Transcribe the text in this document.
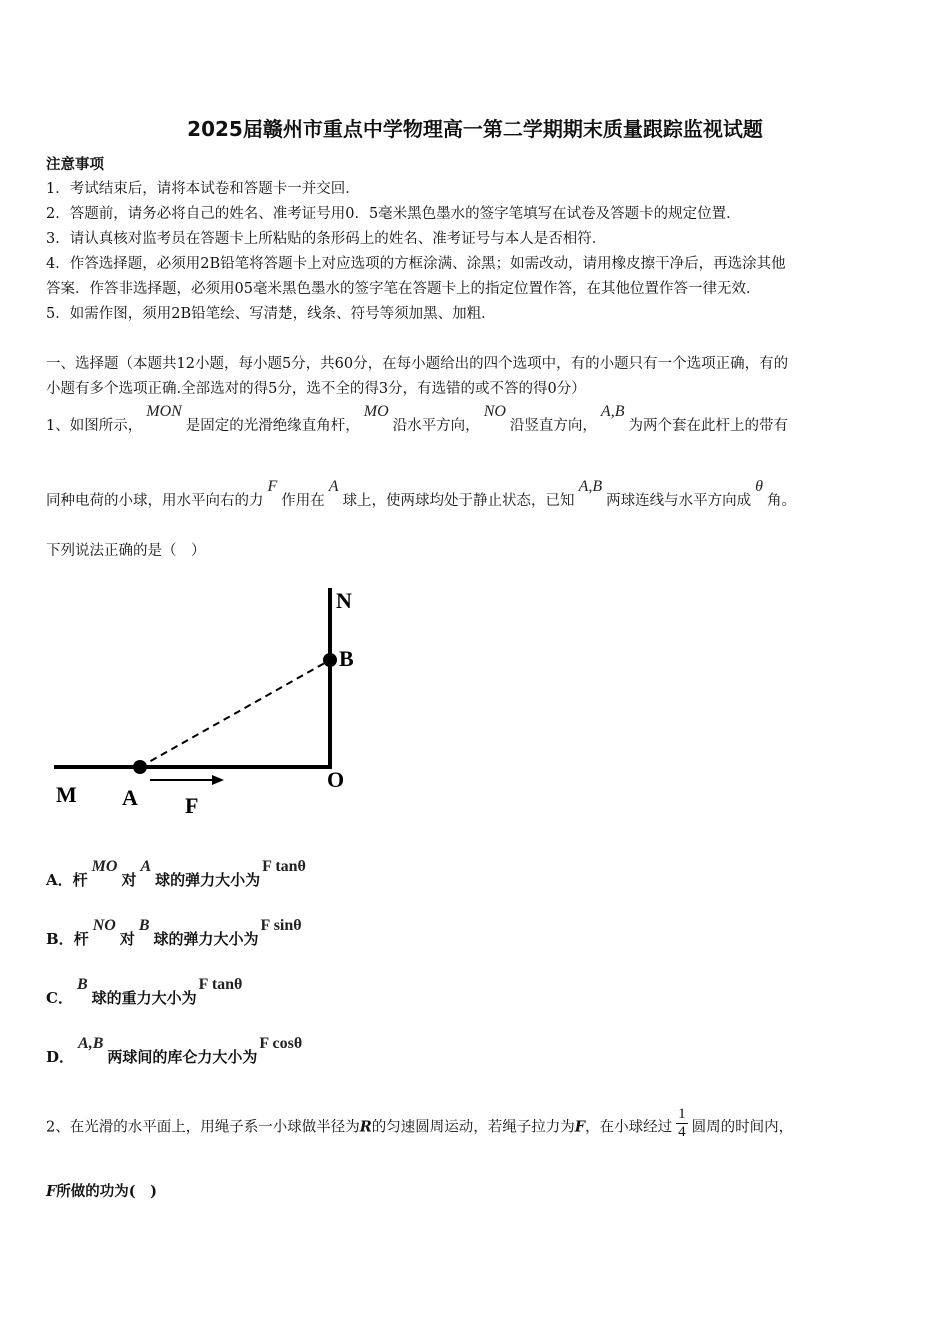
2025届赣州市重点中学物理高一第二学期期末质量跟踪监视试题
注意事项
1．考试结束后，请将本试卷和答题卡一并交回．
2．答题前，请务必将自己的姓名、准考证号用0．5毫米黑色墨水的签字笔填写在试卷及答题卡的规定位置．
3．请认真核对监考员在答题卡上所粘贴的条形码上的姓名、准考证号与本人是否相符．
4．作答选择题，必须用2B铅笔将答题卡上对应选项的方框涂满、涂黑；如需改动，请用橡皮擦干净后，再选涂其他
答案．作答非选择题，必须用05毫米黑色墨水的签字笔在答题卡上的指定位置作答，在其他位置作答一律无效．
5．如需作图，须用2B铅笔绘、写清楚，线条、符号等须加黑、加粗．
一、选择题（本题共12小题，每小题5分，共60分，在每小题给出的四个选项中，有的小题只有一个选项正确，有的
小题有多个选项正确.全部选对的得5分，选不全的得3分，有选错的或不答的得0分）
1、如图所示，MON是固定的光滑绝缘直角杆，MO沿水平方向，NO沿竖直方向，A,B为两个套在此杆上的带有
同种电荷的小球，用水平向右的力F作用在A球上，使两球均处于静止状态，已知A,B两球连线与水平方向成θ角。
下列说法正确的是（　）
N
B
M A
O
F
A．杆MO对A球的弹力大小为F tanθ
B．杆NO对B球的弹力大小为F sinθ
C．B球的重力大小为F tanθ
D．A,B两球间的库仑力大小为F cosθ
2、在光滑的水平面上，用绳子系一小球做半径为R的匀速圆周运动，若绳子拉力为F，在小球经过 $\frac{1}{4}$ 圆周的时间内，
F所做的功为(　)
